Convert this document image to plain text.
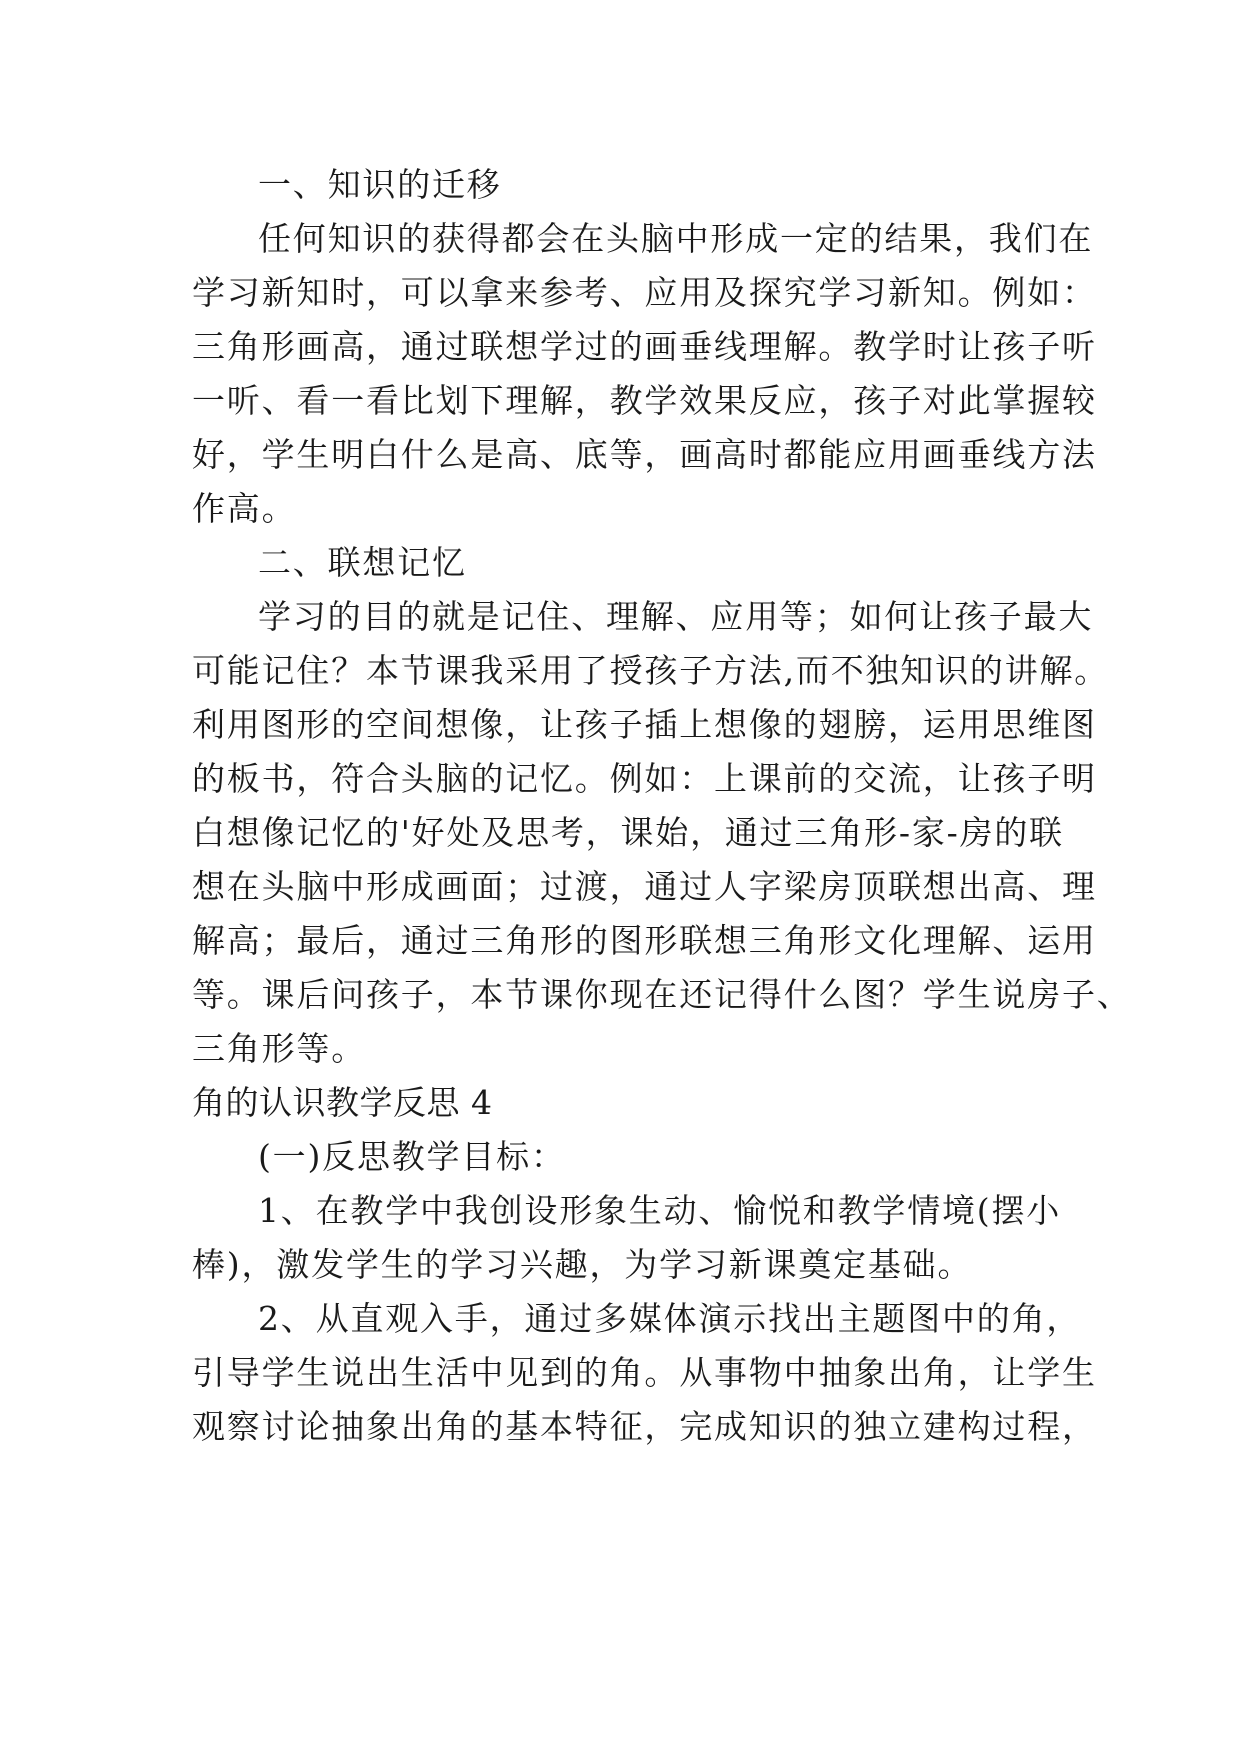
一、知识的迁移
任何知识的获得都会在头脑中形成一定的结果，我们在
学习新知时，可以拿来参考、应用及探究学习新知。例如：
三角形画高，通过联想学过的画垂线理解。教学时让孩子听
一听、看一看比划下理解，教学效果反应，孩子对此掌握较
好，学生明白什么是高、底等，画高时都能应用画垂线方法
作高。
二、联想记忆
学习的目的就是记住、理解、应用等；如何让孩子最大
可能记住？本节课我采用了授孩子方法,而不独知识的讲解。
利用图形的空间想像，让孩子插上想像的翅膀，运用思维图
的板书，符合头脑的记忆。例如：上课前的交流，让孩子明
白想像记忆的'好处及思考，课始，通过三角形-家-房的联
想在头脑中形成画面；过渡，通过人字梁房顶联想出高、理
解高；最后，通过三角形的图形联想三角形文化理解、运用
等。课后问孩子，本节课你现在还记得什么图？学生说房子、
三角形等。
角的认识教学反思 4
(一)反思教学目标：
1、在教学中我创设形象生动、愉悦和教学情境(摆小
棒)，激发学生的学习兴趣，为学习新课奠定基础。
2、从直观入手，通过多媒体演示找出主题图中的角，
引导学生说出生活中见到的角。从事物中抽象出角，让学生
观察讨论抽象出角的基本特征，完成知识的独立建构过程，
